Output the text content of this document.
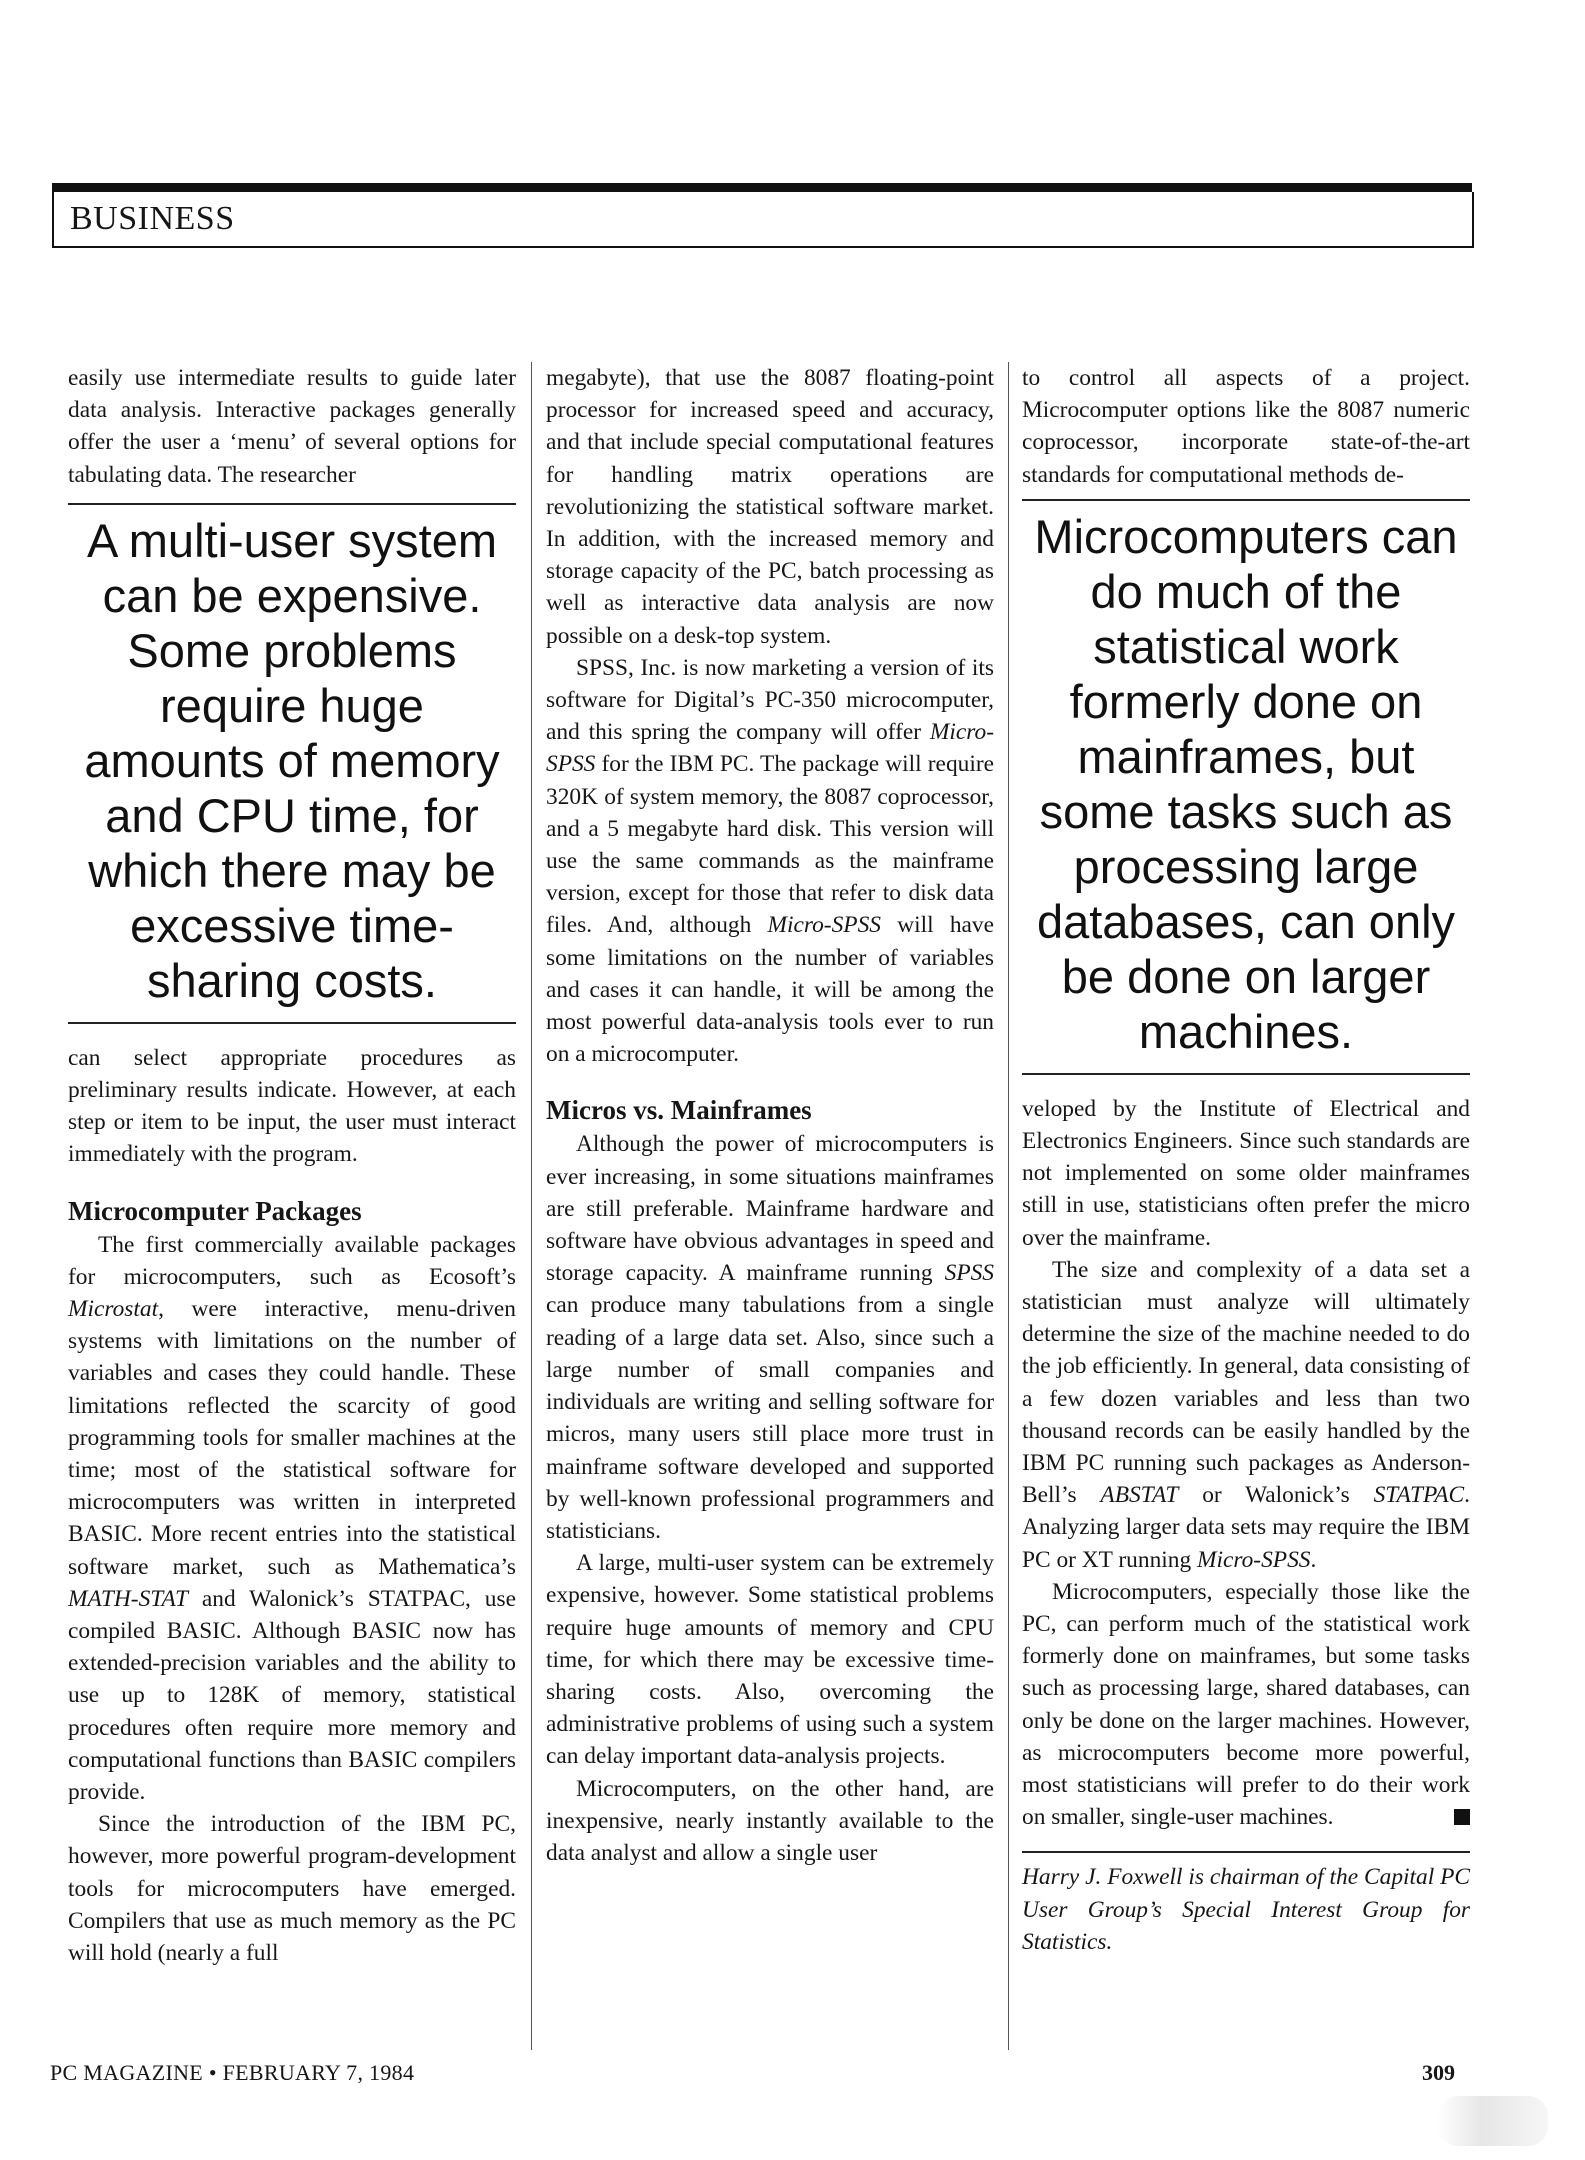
BUSINESS

easily use intermediate results to guide later data analysis. Interactive packages generally offer the user a ‘menu’ of several options for tabulating data. The researcher

A multi-user system can be expensive. Some problems require huge amounts of memory and CPU time, for which there may be excessive time-sharing costs.

can select appropriate procedures as preliminary results indicate. However, at each step or item to be input, the user must interact immediately with the program.

Microcomputer Packages

The first commercially available packages for microcomputers, such as Ecosoft’s Microstat, were interactive, menu-driven systems with limitations on the number of variables and cases they could handle. These limitations reflected the scarcity of good programming tools for smaller machines at the time; most of the statistical software for microcomputers was written in interpreted BASIC. More recent entries into the statistical software market, such as Mathematica’s MATH-STAT and Walonick’s STATPAC, use compiled BASIC. Although BASIC now has extended-precision variables and the ability to use up to 128K of memory, statistical procedures often require more memory and computational functions than BASIC compilers provide.

Since the introduction of the IBM PC, however, more powerful program-development tools for microcomputers have emerged. Compilers that use as much memory as the PC will hold (nearly a full

megabyte), that use the 8087 floating-point processor for increased speed and accuracy, and that include special computational features for handling matrix operations are revolutionizing the statistical software market. In addition, with the increased memory and storage capacity of the PC, batch processing as well as interactive data analysis are now possible on a desk-top system.

SPSS, Inc. is now marketing a version of its software for Digital’s PC-350 microcomputer, and this spring the company will offer Micro-SPSS for the IBM PC. The package will require 320K of system memory, the 8087 coprocessor, and a 5 megabyte hard disk. This version will use the same commands as the mainframe version, except for those that refer to disk data files. And, although Micro-SPSS will have some limitations on the number of variables and cases it can handle, it will be among the most powerful data-analysis tools ever to run on a microcomputer.

Micros vs. Mainframes

Although the power of microcomputers is ever increasing, in some situations mainframes are still preferable. Mainframe hardware and software have obvious advantages in speed and storage capacity. A mainframe running SPSS can produce many tabulations from a single reading of a large data set. Also, since such a large number of small companies and individuals are writing and selling software for micros, many users still place more trust in mainframe software developed and supported by well-known professional programmers and statisticians.

A large, multi-user system can be extremely expensive, however. Some statistical problems require huge amounts of memory and CPU time, for which there may be excessive time-sharing costs. Also, overcoming the administrative problems of using such a system can delay important data-analysis projects.

Microcomputers, on the other hand, are inexpensive, nearly instantly available to the data analyst and allow a single user

to control all aspects of a project. Microcomputer options like the 8087 numeric coprocessor, incorporate state-of-the-art standards for computational methods de-

Microcomputers can do much of the statistical work formerly done on mainframes, but some tasks such as processing large databases, can only be done on larger machines.

veloped by the Institute of Electrical and Electronics Engineers. Since such standards are not implemented on some older mainframes still in use, statisticians often prefer the micro over the mainframe.

The size and complexity of a data set a statistician must analyze will ultimately determine the size of the machine needed to do the job efficiently. In general, data consisting of a few dozen variables and less than two thousand records can be easily handled by the IBM PC running such packages as Anderson-Bell’s ABSTAT or Walonick’s STATPAC. Analyzing larger data sets may require the IBM PC or XT running Micro-SPSS.

Microcomputers, especially those like the PC, can perform much of the statistical work formerly done on mainframes, but some tasks such as processing large, shared databases, can only be done on the larger machines. However, as microcomputers become more powerful, most statisticians will prefer to do their work on smaller, single-user machines.

Harry J. Foxwell is chairman of the Capital PC User Group’s Special Interest Group for Statistics.

PC MAGAZINE • FEBRUARY 7, 1984	309
